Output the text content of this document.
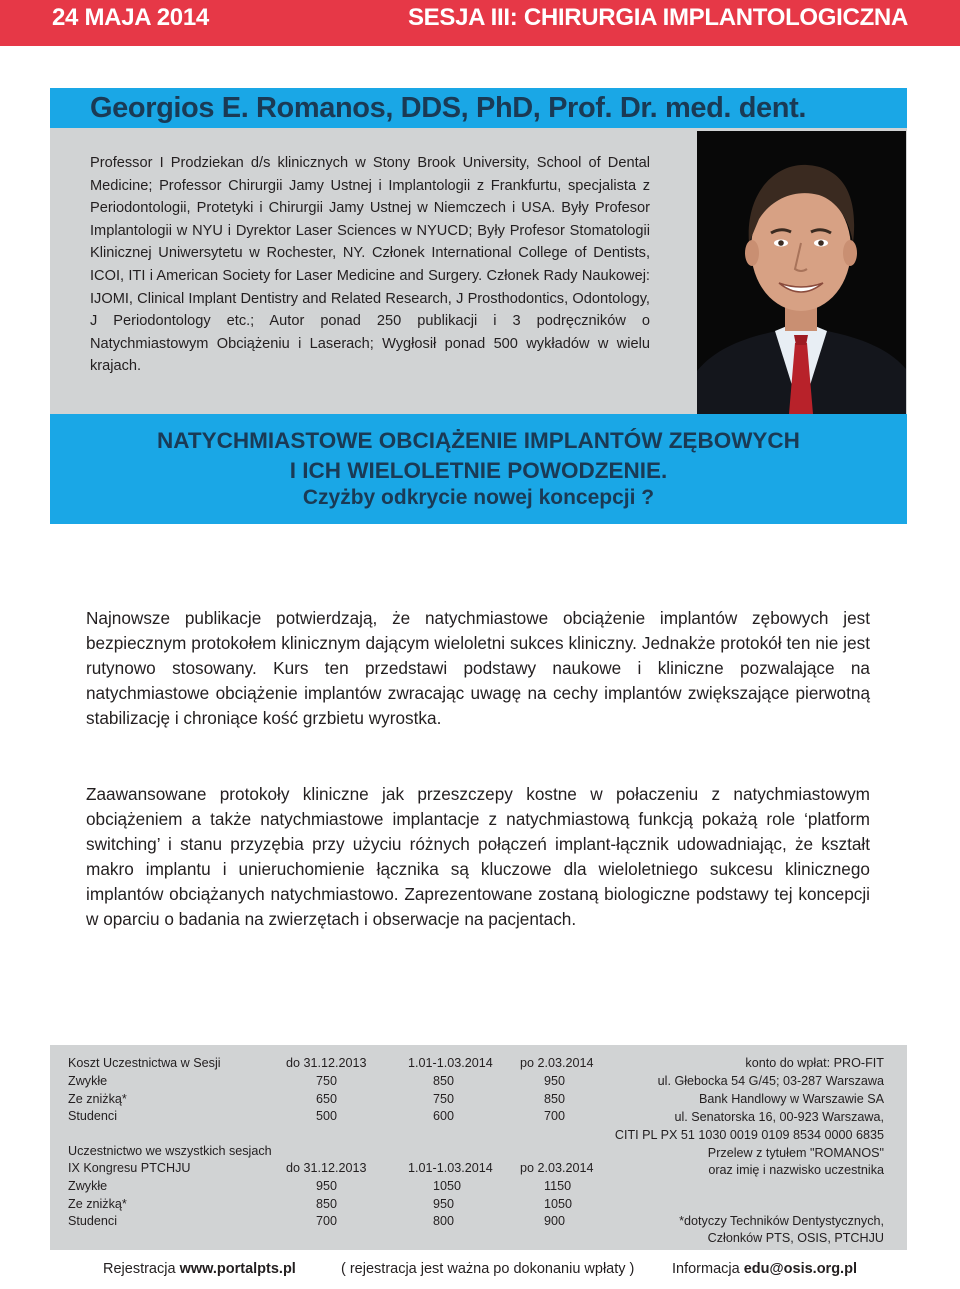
24 MAJA 2014	SESJA III: CHIRURGIA IMPLANTOLOGICZNA
Georgios E. Romanos, DDS, PhD, Prof. Dr. med. dent.
Professor I Prodziekan d/s klinicznych w Stony Brook University, School of Dental Medicine; Professor Chirurgii Jamy Ustnej i Implantologii z Frankfurtu, specjalista z Periodontologii, Protetyki i Chirurgii Jamy Ustnej w Niemczech i USA. Były Profesor Implantologii w NYU i Dyrektor Laser Sciences w NYUCD; Były Profesor Stomatologii Klinicznej Uniwersytetu w Rochester, NY. Członek International College of Dentists, ICOI, ITI i American Society for Laser Medicine and Surgery. Członek Rady Naukowej: IJOMI, Clinical Implant Dentistry and Related Research, J Prosthodontics, Odontology, J Periodontology etc.; Autor ponad 250 publikacji i 3 podręczników o Natychmiastowym Obciążeniu i Laserach; Wygłosił ponad 500 wykładów w wielu krajach.
NATYCHMIASTOWE OBCIĄŻENIE IMPLANTÓW ZĘBOWYCH
I ICH WIELOLETNIE POWODZENIE.
Czyżby odkrycie nowej koncepcji ?
Najnowsze publikacje potwierdzają, że natychmiastowe obciążenie implantów zębowych jest bezpiecznym protokołem klinicznym dającym wieloletni sukces kliniczny. Jednakże protokół ten nie jest rutynowo stosowany. Kurs ten przedstawi podstawy naukowe i kliniczne pozwalające na natychmiastowe obciążenie implantów zwracając uwagę na cechy implantów zwiększające pierwotną stabilizację i chroniące kość grzbietu wyrostka.
Zaawansowane protokoły kliniczne jak przeszczepy kostne w połaczeniu z natychmiastowym obciążeniem a także natychmiastowe implantacje z natychmiastową funkcją pokażą role ‘platform switching’ i stanu przyzębia przy użyciu różnych połączeń implant-łącznik udowadniając, że kształt makro implantu i unieruchomienie łącznika są kluczowe dla wieloletniego sukcesu klinicznego implantów obciążanych natychmiastowo. Zaprezentowane zostaną biologiczne podstawy tej koncepcji w oparciu o badania na zwierzętach i obserwacje na pacjentach.
Koszt Uczestnictwa w Sesji	do 31.12.2013	1.01-1.03.2014 po 2.03.2014
Zwykłe	750	850	950
Ze zniżką*	650	750	850
Studenci	500	600	700
Uczestnictwo we wszystkich sesjach
IX Kongresu PTCHJU	do 31.12.2013	1.01-1.03.2014 po 2.03.2014
Zwykłe	950	1050	1150
Ze zniżką*	850	950	1050
Studenci	700	800	900
konto do wpłat: PRO-FIT
ul. Głebocka 54 G/45; 03-287 Warszawa
Bank Handlowy w Warszawie SA
ul. Senatorska 16, 00-923 Warszawa,
CITI PL PX 51 1030 0019 0109 8534 0000 6835
Przelew z tytułem "ROMANOS"
oraz imię i nazwisko uczestnika
*dotyczy Techników Dentystycznych,
Członków PTS, OSIS, PTCHJU
Rejestracja www.portalpts.pl	( rejestracja jest ważna po dokonaniu wpłaty )	Informacja edu@osis.org.pl
